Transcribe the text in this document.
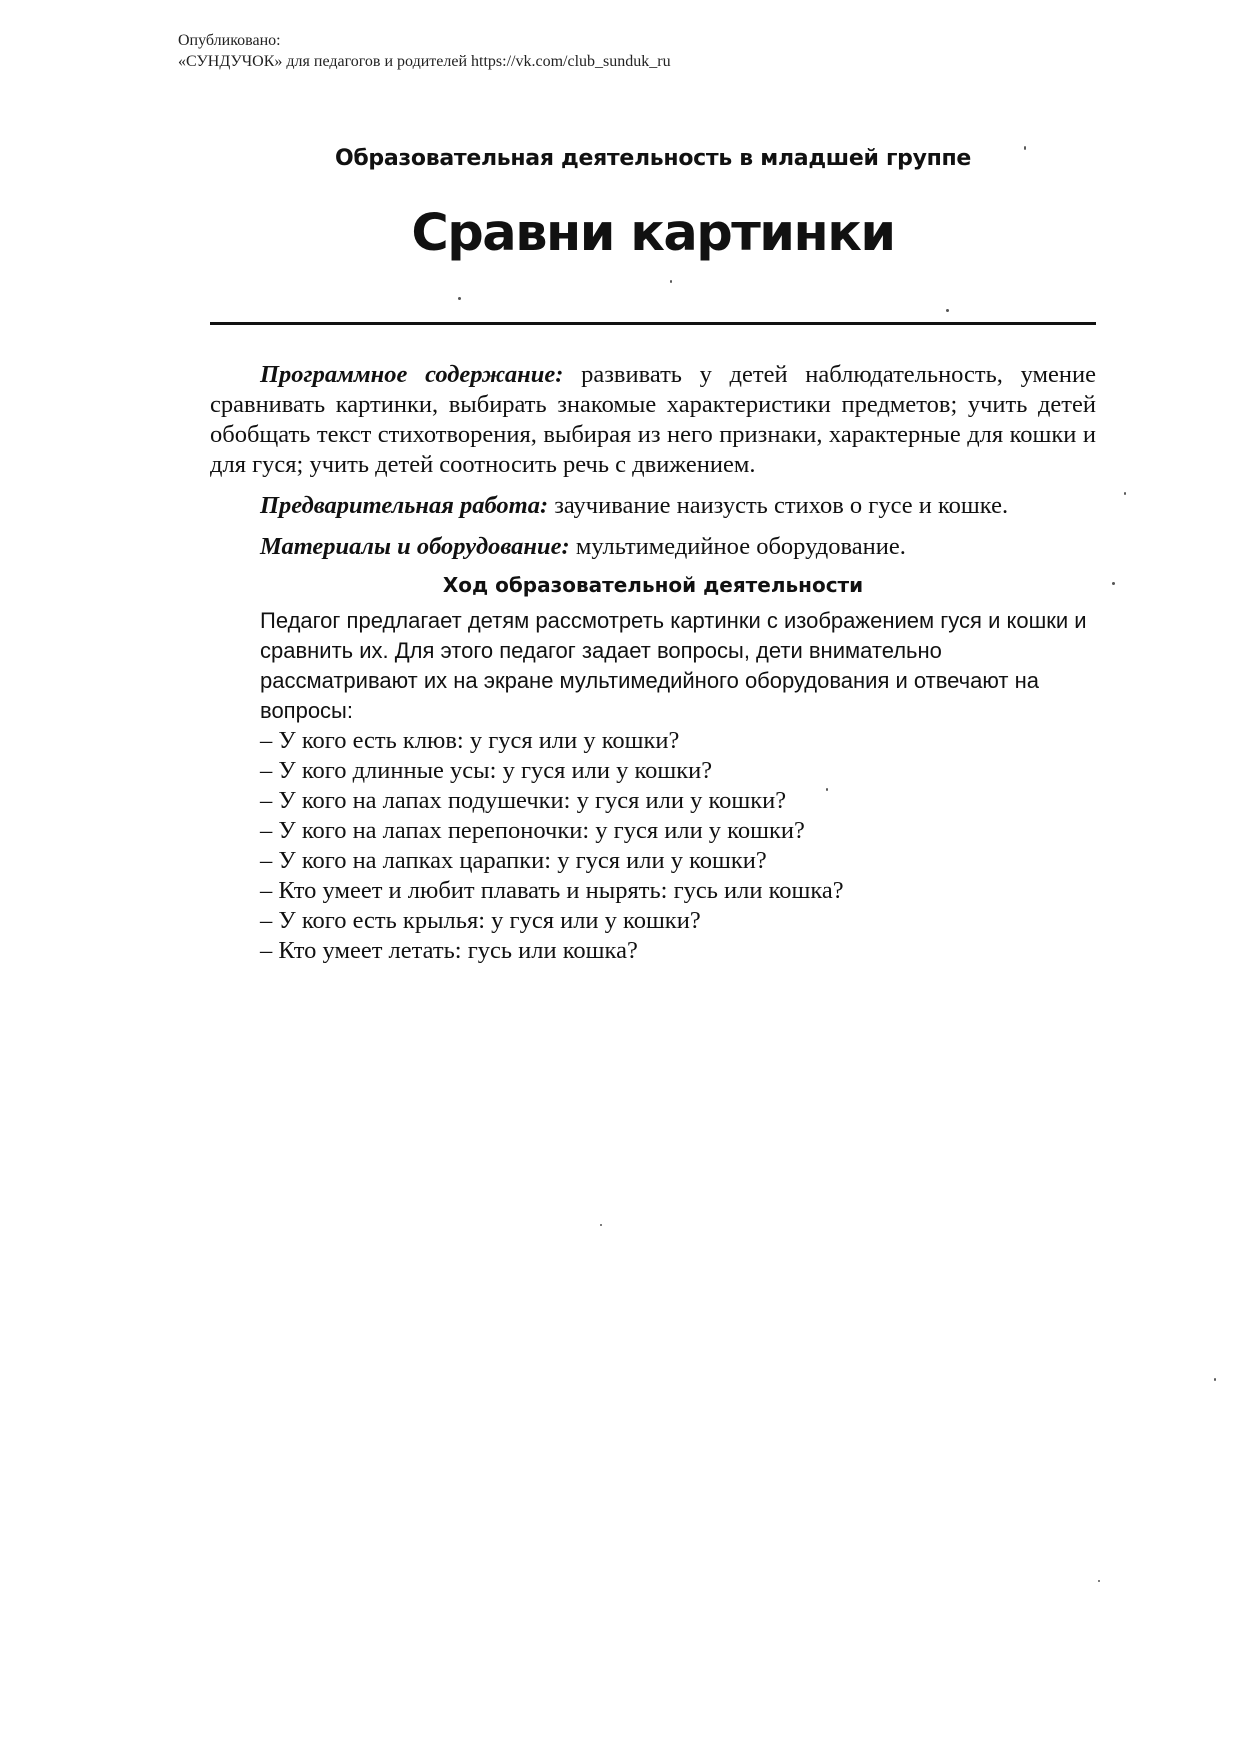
Опубликовано:
«СУНДУЧОК» для педагогов и родителей https://vk.com/club_sunduk_ru
Образовательная деятельность в младшей группе
Сравни картинки

Программное содержание: развивать у детей наблюдательность, умение сравнивать картинки, выбирать знакомые характеристики предметов; учить детей обобщать текст стихотворения, выбирая из него признаки, характерные для кошки и для гуся; учить детей соотносить речь с движением.

Предварительная работа: заучивание наизусть стихов о гусе и кошке.

Материалы и оборудование: мультимедийное оборудование.

Ход образовательной деятельности

Педагог предлагает детям рассмотреть картинки с изображением гуся и кошки и сравнить их. Для этого педагог задает вопросы, дети внимательно рассматривают их на экране мультимедийного оборудования и отвечают на вопросы:

– У кого есть клюв: у гуся или у кошки?
– У кого длинные усы: у гуся или у кошки?
– У кого на лапах подушечки: у гуся или у кошки?
– У кого на лапах перепоночки: у гуся или у кошки?
– У кого на лапках царапки: у гуся или у кошки?
– Кто умеет и любит плавать и нырять: гусь или кошка?
– У кого есть крылья: у гуся или у кошки?
– Кто умеет летать: гусь или кошка?
